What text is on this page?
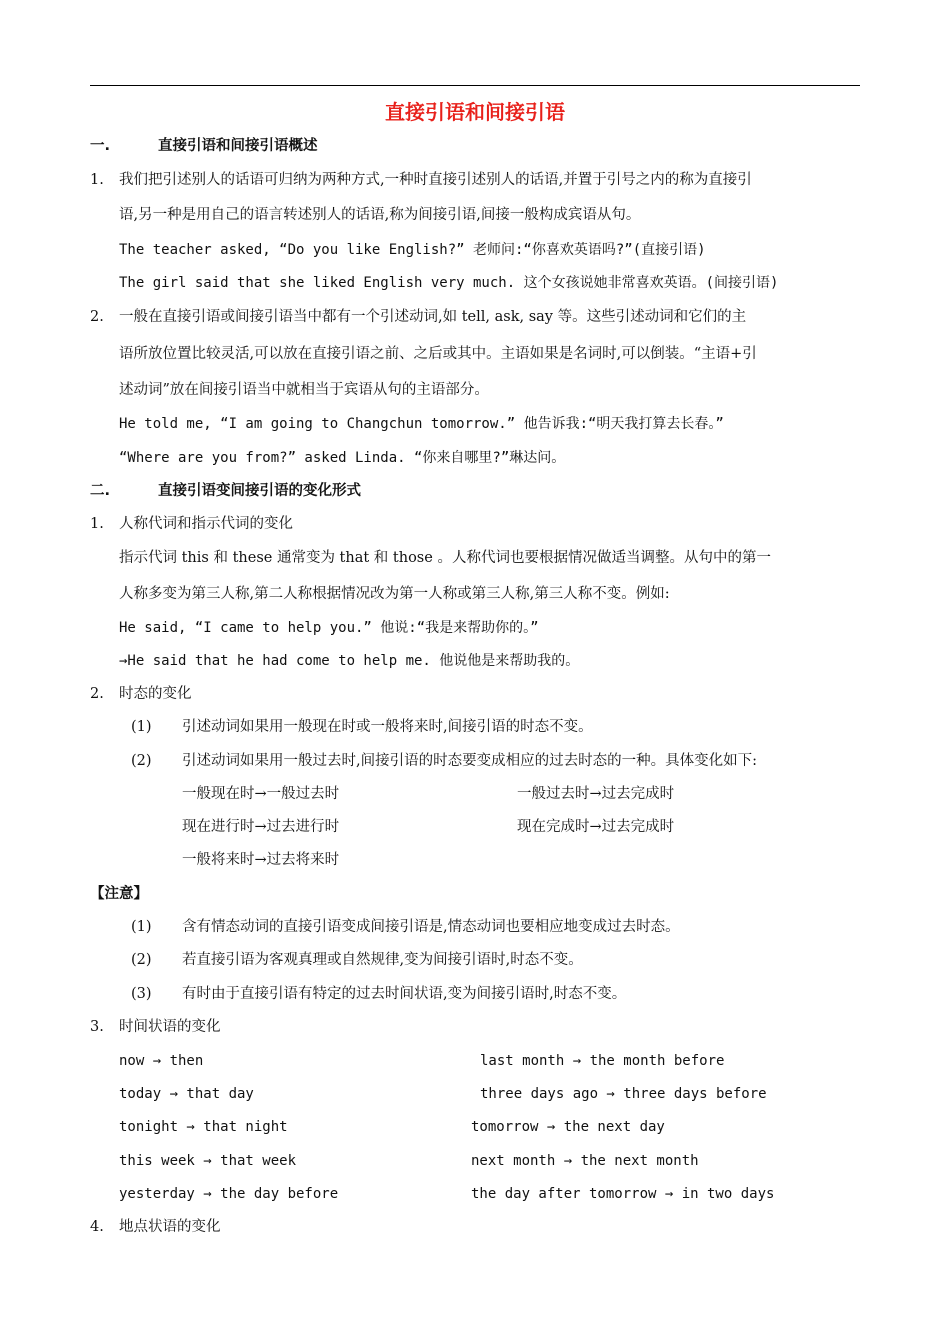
直接引语和间接引语
一.	直接引语和间接引语概述
1. 我们把引述别人的话语可归纳为两种方式,一种时直接引述别人的话语,并置于引号之内的称为直接引
语,另一种是用自己的语言转述别人的话语,称为间接引语,间接一般构成宾语从句。
The teacher asked, “Do you like English?” 老师问:“你喜欢英语吗?”(直接引语)
The girl said that she liked English very much. 这个女孩说她非常喜欢英语。(间接引语)
2. 一般在直接引语或间接引语当中都有一个引述动词,如 tell, ask, say 等。这些引述动词和它们的主
语所放位置比较灵活,可以放在直接引语之前、之后或其中。主语如果是名词时,可以倒装。“主语+引
述动词”放在间接引语当中就相当于宾语从句的主语部分。
He told me, “I am going to Changchun tomorrow.” 他告诉我:“明天我打算去长春。”
“Where are you from?” asked Linda. “你来自哪里?”琳达问。
二.	直接引语变间接引语的变化形式
1. 人称代词和指示代词的变化
指示代词 this 和 these 通常变为 that 和 those 。人称代词也要根据情况做适当调整。从句中的第一
人称多变为第三人称,第二人称根据情况改为第一人称或第三人称,第三人称不变。例如:
He said, “I came to help you.” 他说:“我是来帮助你的。”
→He said that he had come to help me. 他说他是来帮助我的。
2. 时态的变化
(1) 引述动词如果用一般现在时或一般将来时,间接引语的时态不变。
(2) 引述动词如果用一般过去时,间接引语的时态要变成相应的过去时态的一种。具体变化如下:
一般现在时→一般过去时	一般过去时→过去完成时
现在进行时→过去进行时	现在完成时→过去完成时
一般将来时→过去将来时
【注意】
(1) 含有情态动词的直接引语变成间接引语是,情态动词也要相应地变成过去时态。
(2) 若直接引语为客观真理或自然规律,变为间接引语时,时态不变。
(3) 有时由于直接引语有特定的过去时间状语,变为间接引语时,时态不变。
3. 时间状语的变化
now → then	last month → the month before
today → that day	three days ago → three days before
tonight → that night	tomorrow → the next day
this week → that week	next month → the next month
yesterday → the day before	the day after tomorrow → in two days
4. 地点状语的变化
